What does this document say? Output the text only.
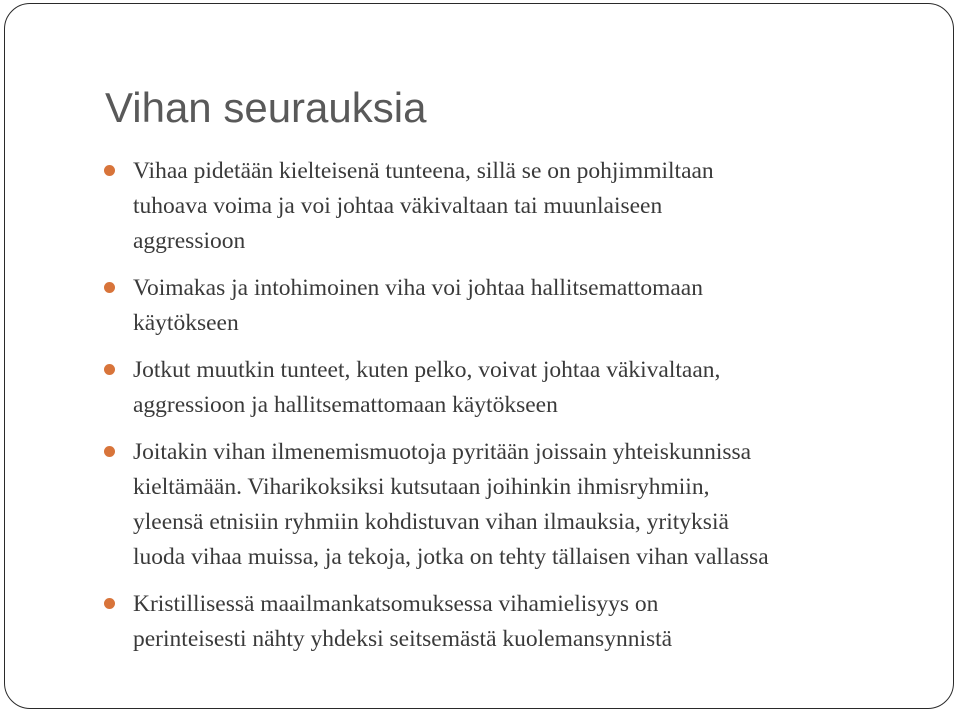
Vihan seurauksia
Vihaa pidetään kielteisenä tunteena, sillä se on pohjimmiltaan
tuhoava voima ja voi johtaa väkivaltaan tai muunlaiseen
aggressioon
Voimakas ja intohimoinen viha voi johtaa hallitsemattomaan
käytökseen
Jotkut muutkin tunteet, kuten pelko, voivat johtaa väkivaltaan,
aggressioon ja hallitsemattomaan käytökseen
Joitakin vihan ilmenemismuotoja pyritään joissain yhteiskunnissa
kieltämään. Viharikoksiksi kutsutaan joihinkin ihmisryhmiin,
yleensä etnisiin ryhmiin kohdistuvan vihan ilmauksia, yrityksiä
luoda vihaa muissa, ja tekoja, jotka on tehty tällaisen vihan vallassa
Kristillisessä maailmankatsomuksessa vihamielisyys on
perinteisesti nähty yhdeksi seitsemästä kuolemansynnistä
